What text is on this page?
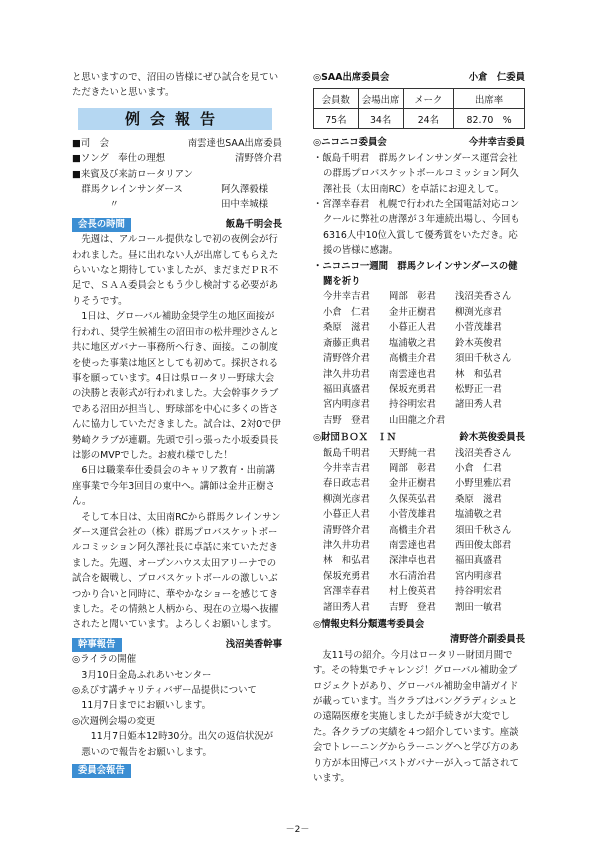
と思いますので、沼田の皆様にぜひ試合を見ていただきたいと思います。

例会報告
■司　会	南雲達也SAA出席委員
■ソング　奉仕の理想	清野啓介君
■来賓及び来訪ロータリアン
　群馬クレインサンダース	阿久澤毅様
　　　　〃	田中幸城様
会長の時間	飯島千明会長

先週は、アルコール提供なしで初の夜例会が行われました。昼に出れない人が出席してもらえたらいいなと期待していましたが、まだまだＰＲ不足で、ＳＡＡ委員会ともう少し検討する必要がありそうです。

1日は、グローバル補助金奨学生の地区面接が行われ、奨学生候補生の沼田市の松井理沙さんと共に地区ガバナー事務所へ行き、面接。この制度を使った事業は地区としても初めて。採択される事を願っています。4日は県ロータリー野球大会の決勝と表彰式が行われました。大会幹事クラブである沼田が担当し、野球部を中心に多くの皆さんに協力していただきました。試合は、2対0で伊勢崎クラブが連覇。先頭で引っ張った小坂委員長は影のMVPでした。お疲れ様でした！

6日は職業奉仕委員会のキャリア教育・出前講座事業で今年3回目の東中へ。講師は金井正樹さん。

そして本日は、太田南RCから群馬クレインサンダース運営会社の（株）群馬プロバスケットボールコミッション阿久澤社長に卓話に来ていただきました。先週、オープンハウス太田アリーナでの試合を観戦し、プロバスケットボールの激しいぶつかり合いと同時に、華やかなショーを感じてきました。その情熱と人柄から、現在の立場へ抜擢されたと聞いています。よろしくお願いします。

幹事報告	浅沼美香幹事

◎ライラの開催

　3月10日金島ふれあいセンター

◎ゑびす講チャリティバザー品提供について

　11月7日までにお願いします。

◎次週例会場の変更

　11月7日姫本12時30分。出欠の返信状況が悪いので報告をお願いします。

委員会報告
◎SAA出席委員会	小倉　仁委員
会員数	会場出席	メーク	出席率
75名	34名	24名	82.70　%
◎ニコニコ委員会	今井幸吉委員
・飯島千明君　群馬クレインサンダース運営会社の群馬プロバスケットボールコミッション阿久澤社長（太田南RC）を卓話にお迎えして。
・宮澤幸春君　札幌で行われた全国電話対応コンクールに弊社の唐澤が３年連続出場し、今回も6316人中10位入賞して優秀賞をいただき。応援の皆様に感謝。
・ニコニコ一週間　群馬クレインサンダースの健闘を祈り
今井幸吉君	岡部　彰君	浅沼美香さん
小倉　仁君	金井正樹君	柳渕光彦君
桑原　滋君	小暮正人君	小菅茂雄君
斎藤正典君	塩浦敬之君	鈴木英俊君
清野啓介君	高橋圭介君	須田千秋さん
津久井功君	南雲達也君	林　和弘君
福田真盛君	保坂充勇君	松野正一君
宮内明彦君	持谷明宏君	諸田秀人君
吉野　登君	山田龍之介君
◎財団ＢＯＸ　ＩＮ	鈴木英俊委員長
飯島千明君	天野純一君	浅沼美香さん
今井幸吉君	岡部　彰君	小倉　仁君
春日政志君	金井正樹君	小野里雅広君
柳渕光彦君	久保英弘君	桑原　滋君
小暮正人君	小菅茂雄君	塩浦敬之君
清野啓介君	高橋圭介君	須田千秋さん
津久井功君	南雲達也君	西田俊太郎君
林　和弘君	深津卓也君	福田真盛君
保坂充勇君	水石清治君	宮内明彦君
宮澤幸春君	村上俊英君	持谷明宏君
諸田秀人君	吉野　登君	割田一敏君
◎情報史料分類選考委員会
清野啓介副委員長

友11号の紹介。今月はロータリー財団月間です。その特集でチャレンジ！グローバル補助金プロジェクトがあり、グローバル補助金申請ガイドが載っています。当クラブはバングラディシュとの遠隔医療を実施しましたが手続きが大変でした。各クラブの実績を４つ紹介しています。座談会でトレーニングからラーニングへと学び方のあり方が本田博己パストガバナーが入って話されています。

－2－
